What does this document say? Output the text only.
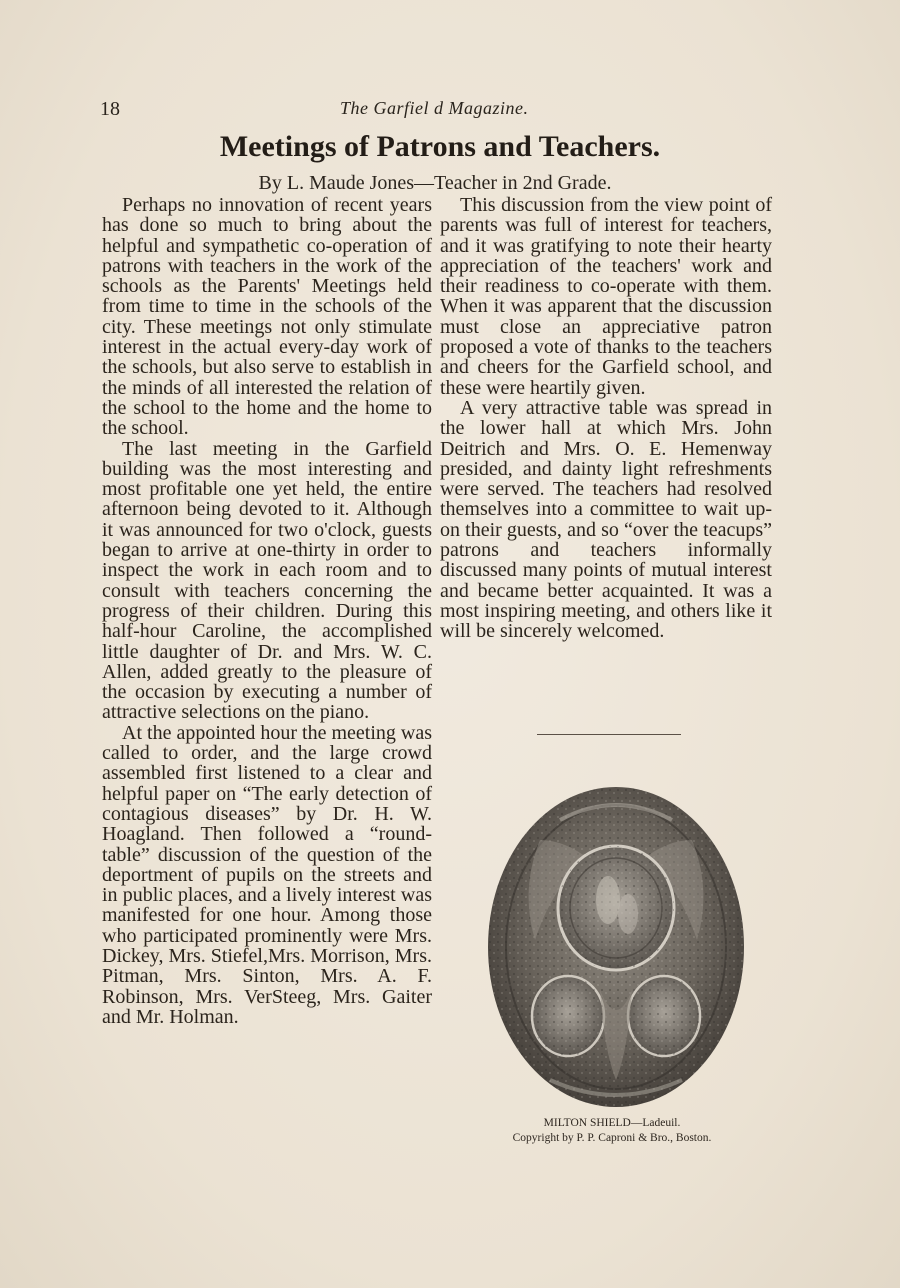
18	The Garfiel d Magazine.
Meetings of Patrons and Teachers.
By L. Maude Jones—Teacher in 2nd Grade.

Perhaps no innovation of recent years has done so much to bring about the helpful and sympathetic co-operation of patrons with teachers in the work of the schools as the Parents' Meetings held from time to time in the schools of the city. These meetings not only stimulate interest in the actual every-day work of the schools, but also serve to establish in the minds of all interested the relation of the school to the home and the home to the school.

The last meeting in the Garfield building was the most interesting and most profitable one yet held, the entire afternoon being devoted to it. Although it was announced for two o'clock, guests began to arrive at one-thirty in order to inspect the work in each room and to consult with teachers concerning the progress of their children. During this half-hour Caroline, the accomplished little daughter of Dr. and Mrs. W. C. Allen, added greatly to the pleasure of the occasion by executing a number of attractive selections on the piano.

At the appointed hour the meeting was called to order, and the large crowd assembled first listened to a clear and helpful paper on “The early detection of contagious diseases” by Dr. H. W. Hoagland. Then followed a “round-table” discussion of the question of the deportment of pupils on the streets and in public places, and a lively interest was manifested for one hour. Among those who participated prominently were Mrs. Dickey, Mrs. Stiefel,Mrs. Morrison, Mrs. Pitman, Mrs. Sinton, Mrs. A. F. Robinson, Mrs. VerSteeg, Mrs. Gaiter and Mr. Holman.

This discussion from the view point of parents was full of interest for teachers, and it was gratifying to note their hearty appreciation of the teachers' work and their readiness to co-operate with them. When it was apparent that the discussion must close an appreciative patron proposed a vote of thanks to the teachers and cheers for the Garfield school, and these were heartily given.

A very attractive table was spread in the lower hall at which Mrs. John Deitrich and Mrs. O. E. Hemenway presided, and dainty light refreshments were served. The teachers had resolved themselves into a committee to wait upon their guests, and so “over the teacups” patrons and teachers informally discussed many points of mutual interest and became better acquainted. It was a most inspiring meeting, and others like it will be sincerely welcomed.

MILTON SHIELD—Ladeuil.
Copyright by P. P. Caproni & Bro., Boston.
